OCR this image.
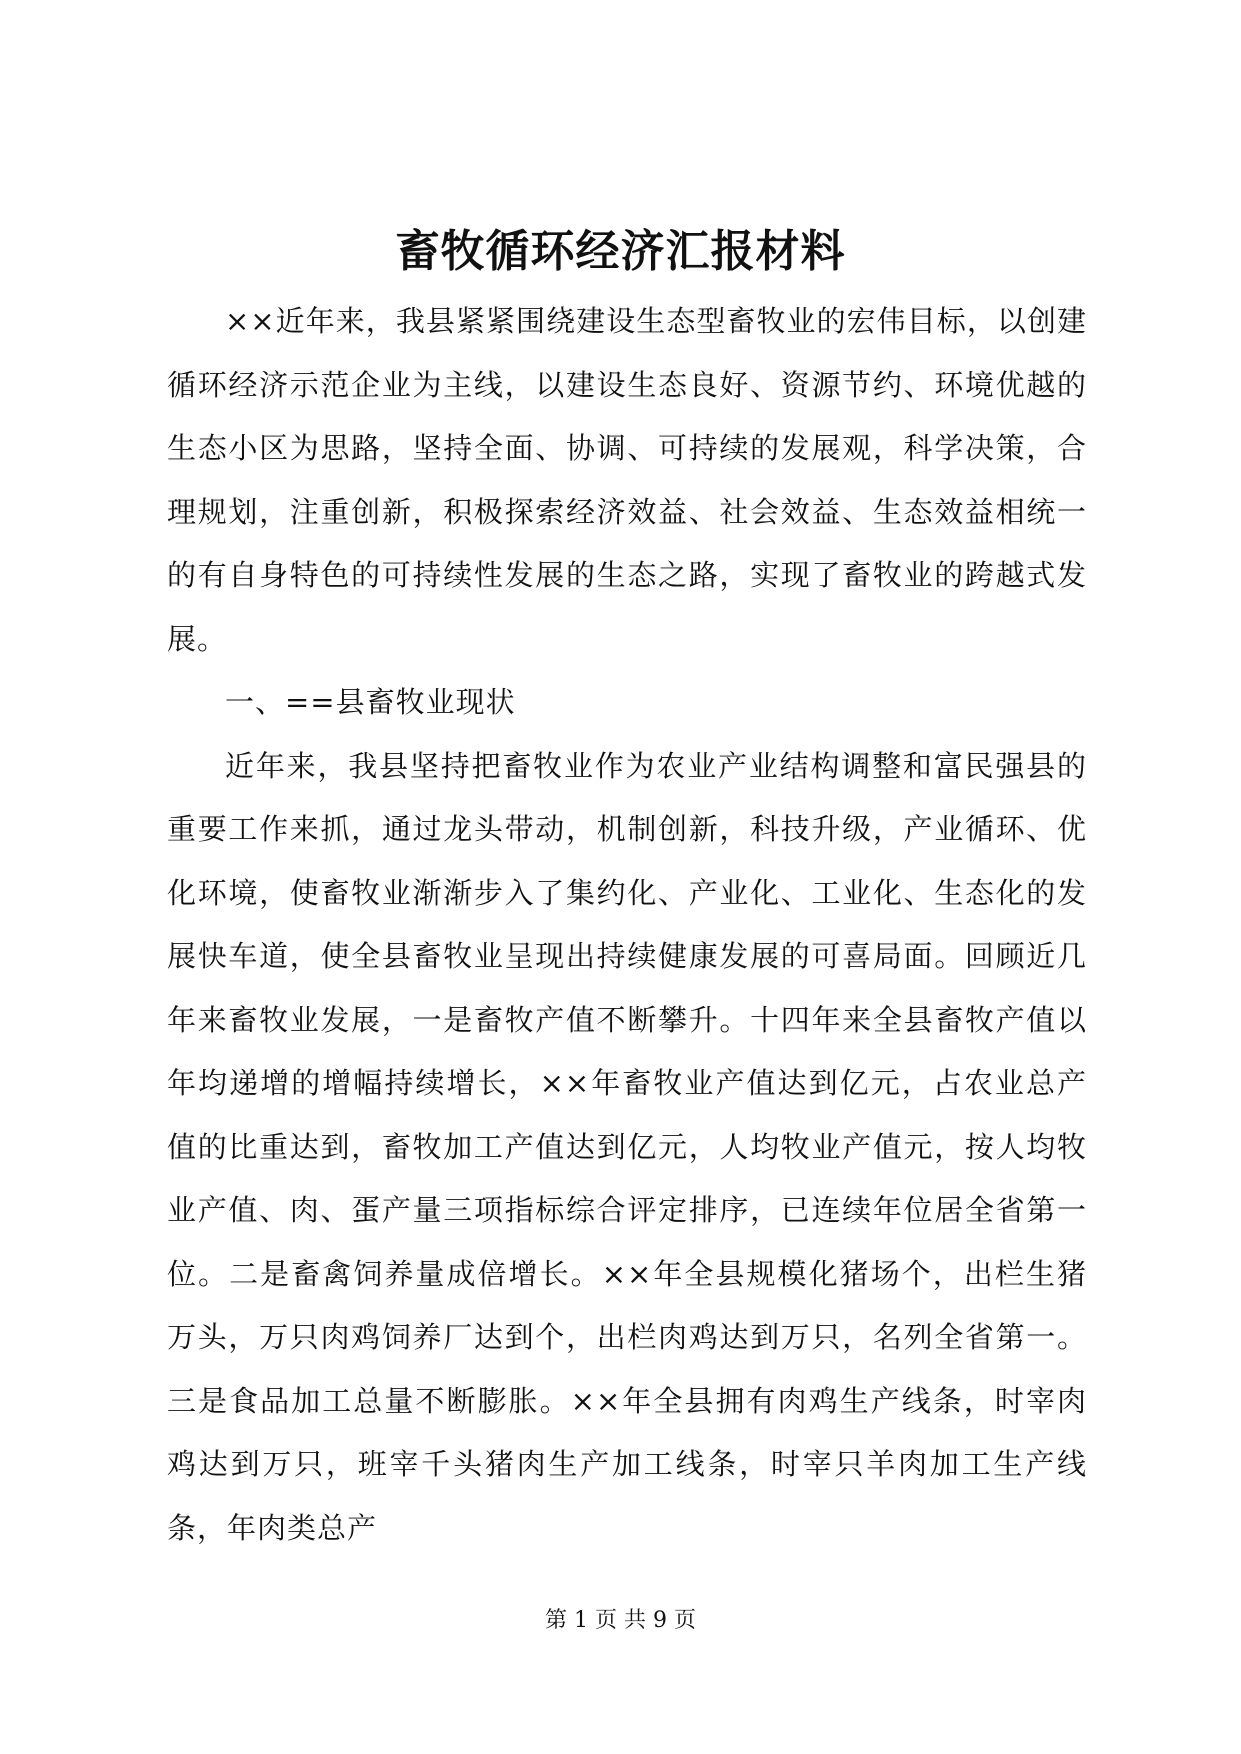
畜牧循环经济汇报材料

××近年来，我县紧紧围绕建设生态型畜牧业的宏伟目标，以创建循环经济示范企业为主线，以建设生态良好、资源节约、环境优越的生态小区为思路，坚持全面、协调、可持续的发展观，科学决策，合理规划，注重创新，积极探索经济效益、社会效益、生态效益相统一的有自身特色的可持续性发展的生态之路，实现了畜牧业的跨越式发展。

一、==县畜牧业现状

近年来，我县坚持把畜牧业作为农业产业结构调整和富民强县的重要工作来抓，通过龙头带动，机制创新，科技升级，产业循环、优化环境，使畜牧业渐渐步入了集约化、产业化、工业化、生态化的发展快车道，使全县畜牧业呈现出持续健康发展的可喜局面。回顾近几年来畜牧业发展，一是畜牧产值不断攀升。十四年来全县畜牧产值以年均递增的增幅持续增长，××年畜牧业产值达到亿元，占农业总产值的比重达到，畜牧加工产值达到亿元，人均牧业产值元，按人均牧业产值、肉、蛋产量三项指标综合评定排序，已连续年位居全省第一位。二是畜禽饲养量成倍增长。××年全县规模化猪场个，出栏生猪万头，万只肉鸡饲养厂达到个，出栏肉鸡达到万只，名列全省第一。三是食品加工总量不断膨胀。××年全县拥有肉鸡生产线条，时宰肉鸡达到万只，班宰千头猪肉生产加工线条，时宰只羊肉加工生产线条，年肉类总产

第 1 页 共 9 页
